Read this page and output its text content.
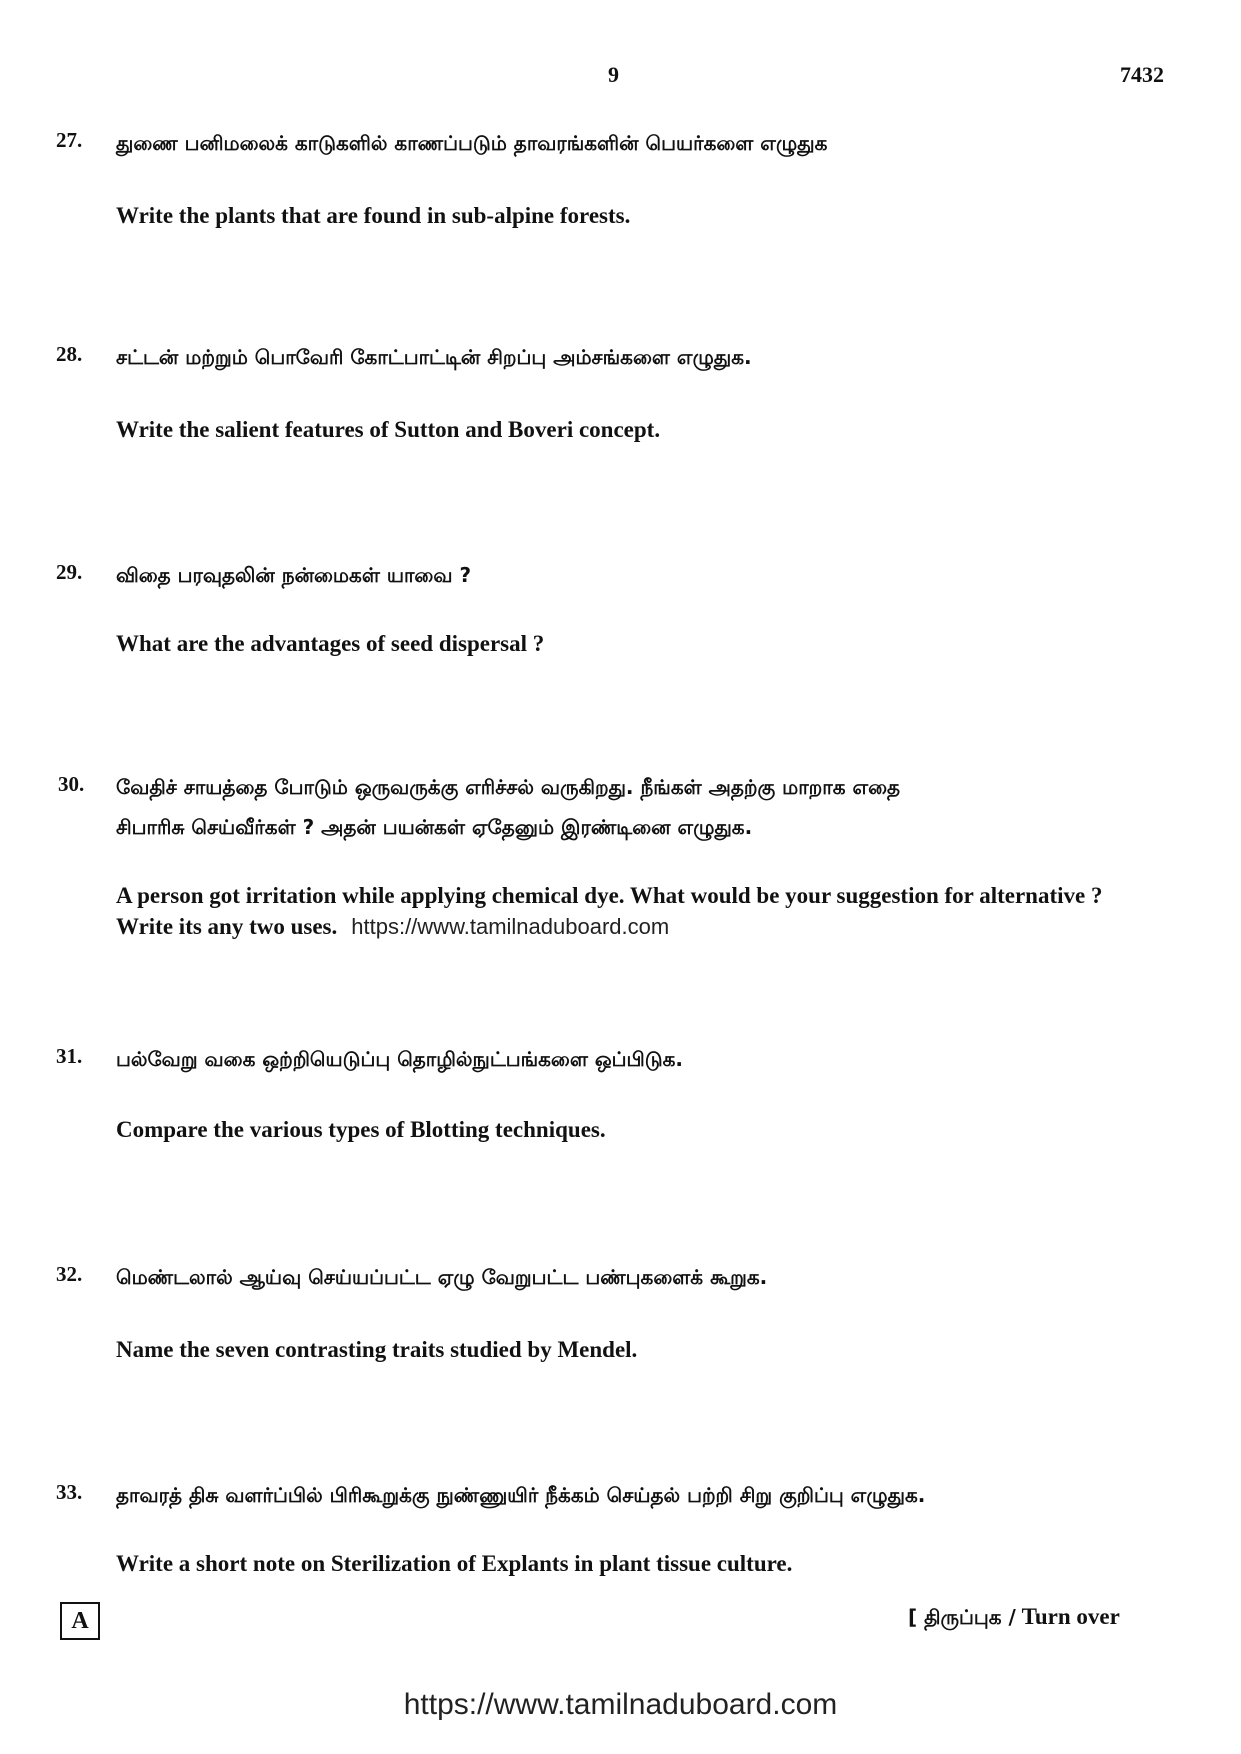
9	7432
27. துணை பனிமலைக் காடுகளில் காணப்படும் தாவரங்களின் பெயர்களை எழுதுக
Write the plants that are found in sub-alpine forests.
28. சட்டன் மற்றும் பொவேரி கோட்பாட்டின் சிறப்பு அம்சங்களை எழுதுக.
Write the salient features of Sutton and Boveri concept.
29. விதை பரவுதலின் நன்மைகள் யாவை ?
What are the advantages of seed dispersal ?
30. வேதிச் சாயத்தை போடும் ஒருவருக்கு எரிச்சல் வருகிறது. நீங்கள் அதற்கு மாறாக எதை
சிபாரிசு செய்வீர்கள் ? அதன் பயன்கள் ஏதேனும் இரண்டினை எழுதுக.
A person got irritation while applying chemical dye. What would be your suggestion for alternative ? Write its any two uses. https://www.tamilnaduboard.com
31. பல்வேறு வகை ஒற்றியெடுப்பு தொழில்நுட்பங்களை ஒப்பிடுக.
Compare the various types of Blotting techniques.
32. மெண்டலால் ஆய்வு செய்யப்பட்ட ஏழு வேறுபட்ட பண்புகளைக் கூறுக.
Name the seven contrasting traits studied by Mendel.
33. தாவரத் திசு வளர்ப்பில் பிரிகூறுக்கு நுண்ணுயிர் நீக்கம் செய்தல் பற்றி சிறு குறிப்பு எழுதுக.
Write a short note on Sterilization of Explants in plant tissue culture.
A	[ திருப்புக / Turn over
https://www.tamilnaduboard.com
